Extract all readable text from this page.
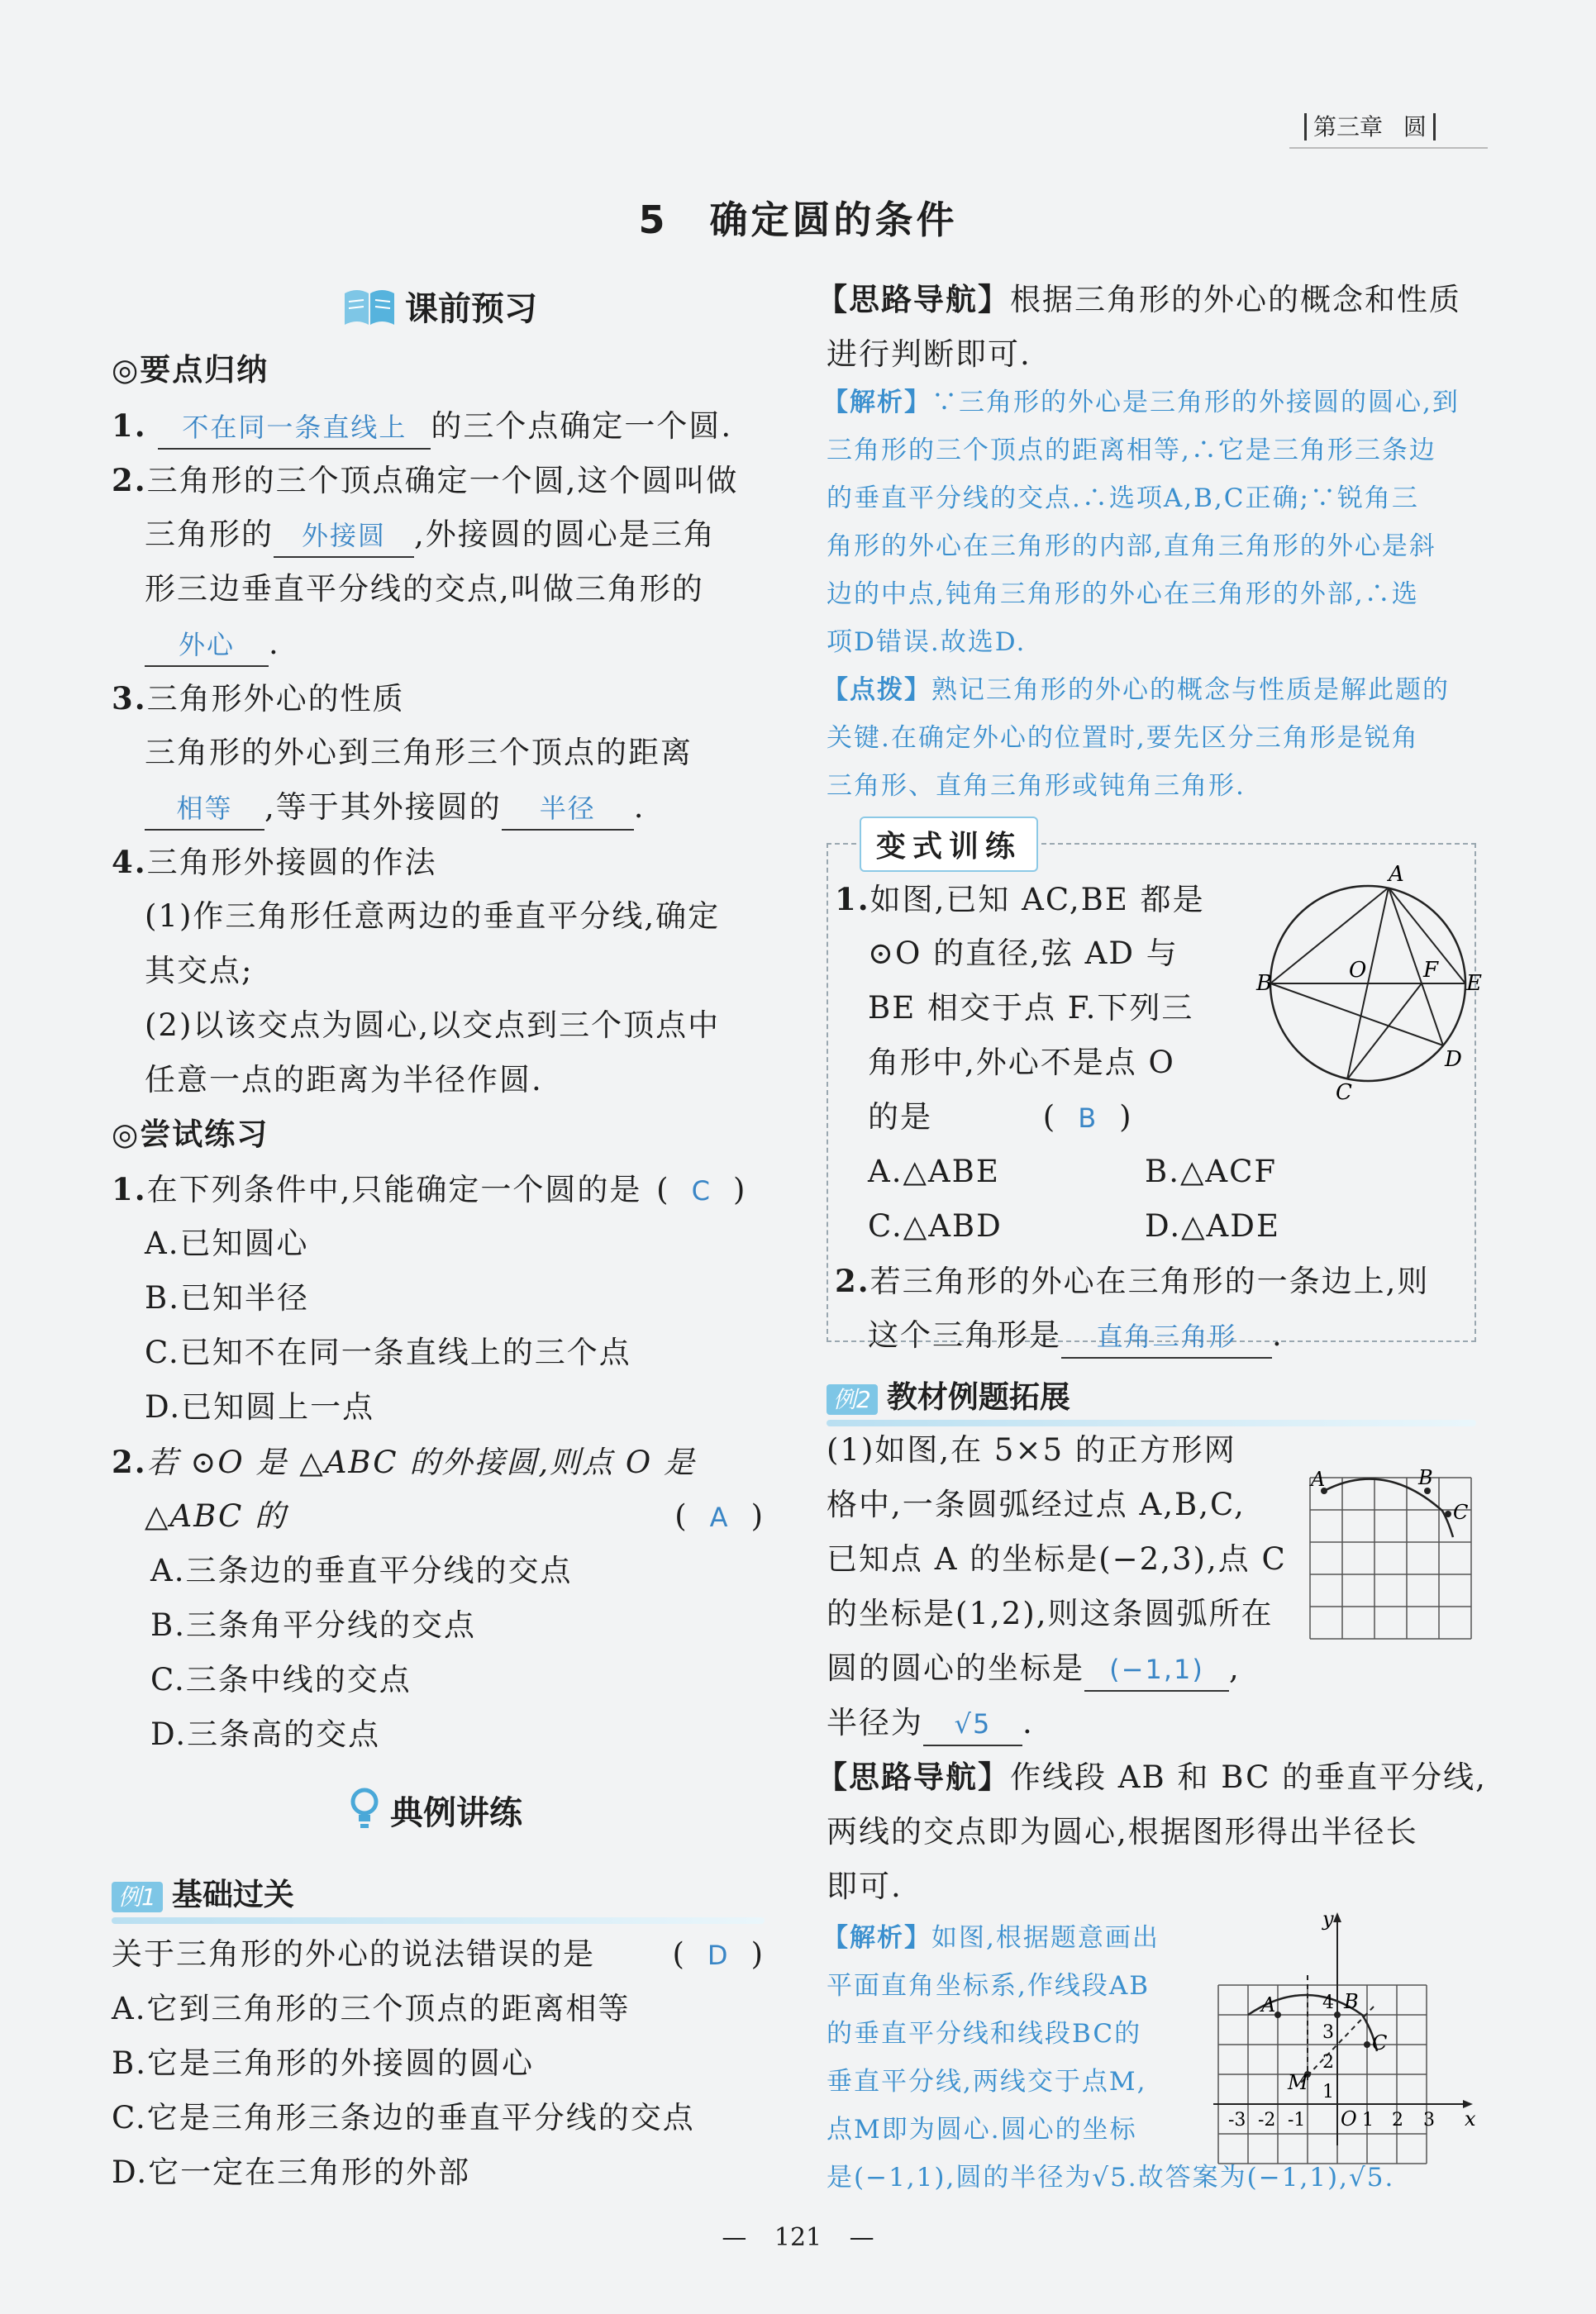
第三章 圆
5 确定圆的条件
课前预习
◎要点归纳
1. 不在同一条直线上 的三个点确定一个圆.
2.三角形的三个顶点确定一个圆,这个圆叫做
三角形的 外接圆 ,外接圆的圆心是三角
形三边垂直平分线的交点,叫做三角形的
外心 .
3.三角形外心的性质
三角形的外心到三角形三个顶点的距离
相等 ,等于其外接圆的 半径 .
4.三角形外接圆的作法
(1)作三角形任意两边的垂直平分线,确定
其交点;
(2)以该交点为圆心,以交点到三个顶点中
任意一点的距离为半径作圆.
◎尝试练习
1.在下列条件中,只能确定一个圆的是 ( C )
A.已知圆心
B.已知半径
C.已知不在同一条直线上的三个点
D.已知圆上一点
2.若 ⊙O 是 △ABC 的外接圆,则点 O 是
△ABC 的	( A )
A.三条边的垂直平分线的交点
B.三条角平分线的交点
C.三条中线的交点
D.三条高的交点
典例讲练
例1 基础过关
关于三角形的外心的说法错误的是	( D )
A.它到三角形的三个顶点的距离相等
B.它是三角形的外接圆的圆心
C.它是三角形三条边的垂直平分线的交点
D.它一定在三角形的外部
【思路导航】根据三角形的外心的概念和性质
进行判断即可.
【解析】∵三角形的外心是三角形的外接圆的圆心,到
三角形的三个顶点的距离相等,∴它是三角形三条边
的垂直平分线的交点.∴选项A,B,C正确;∵锐角三
角形的外心在三角形的内部,直角三角形的外心是斜
边的中点,钝角三角形的外心在三角形的外部,∴选
项D错误.故选D.
【点拨】熟记三角形的外心的概念与性质是解此题的
关键.在确定外心的位置时,要先区分三角形是锐角
三角形、直角三角形或钝角三角形.
变式训练
1.如图,已知 AC,BE 都是
⊙O 的直径,弦 AD 与
BE 相交于点 F.下列三
角形中,外心不是点 O
的是	( B )
A.△ABE	B.△ACF
C.△ABD	D.△ADE
2.若三角形的外心在三角形的一条边上,则
这个三角形是 直角三角形 .
A
B
C
D
E
F
O
例2 教材例题拓展
(1)如图,在 5×5 的正方形网
格中,一条圆弧经过点 A,B,C,
已知点 A 的坐标是(−2,3),点 C
的坐标是(1,2),则这条圆弧所在
圆的圆心的坐标是 (−1,1) ,
半径为 √5 .
A	B
C
【思路导航】作线段 AB 和 BC 的垂直平分线,
两线的交点即为圆心,根据图形得出半径长
即可.
【解析】如图,根据题意画出
平面直角坐标系,作线段AB
的垂直平分线和线段BC的
垂直平分线,两线交于点M,
点M即为圆心.圆心的坐标
是(−1,1),圆的半径为√5.故答案为(−1,1),√5.
A	B
C
M
y
x
O
-3 -2 -1	1 2 3
1
2
3
4
— 121 —
